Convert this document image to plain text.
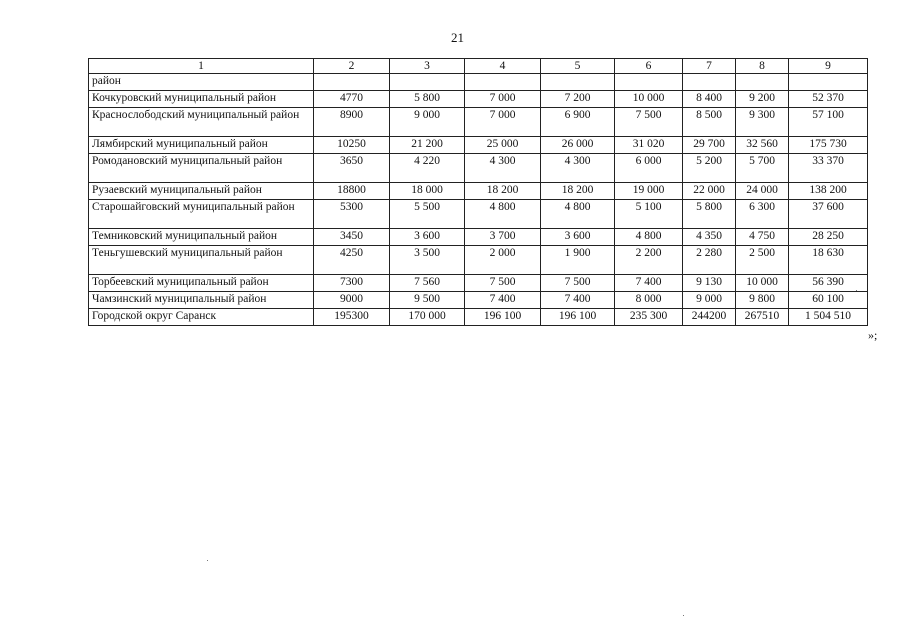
21
1	2	3	4	5	6	7	8	9
район								
Кочкуровский муниципальный район	4770	5 800	7 000	7 200	10 000	8 400	9 200	52 370
Краснослободский муниципальный район	8900	9 000	7 000	6 900	7 500	8 500	9 300	57 100
Лямбирский муниципальный район	10250	21 200	25 000	26 000	31 020	29 700	32 560	175 730
Ромодановский муниципальный район	3650	4 220	4 300	4 300	6 000	5 200	5 700	33 370
Рузаевский муниципальный район	18800	18 000	18 200	18 200	19 000	22 000	24 000	138 200
Старошайговский муниципальный район	5300	5 500	4 800	4 800	5 100	5 800	6 300	37 600
Темниковский муниципальный район	3450	3 600	3 700	3 600	4 800	4 350	4 750	28 250
Теньгушевский муниципальный район	4250	3 500	2 000	1 900	2 200	2 280	2 500	18 630
Торбеевский муниципальный район	7300	7 560	7 500	7 500	7 400	9 130	10 000	56 390
Чамзинский муниципальный район	9000	9 500	7 400	7 400	8 000	9 000	9 800	60 100
Городской округ Саранск	195300	170 000	196 100	196 100	235 300	244200	267510	1 504 510
»;
